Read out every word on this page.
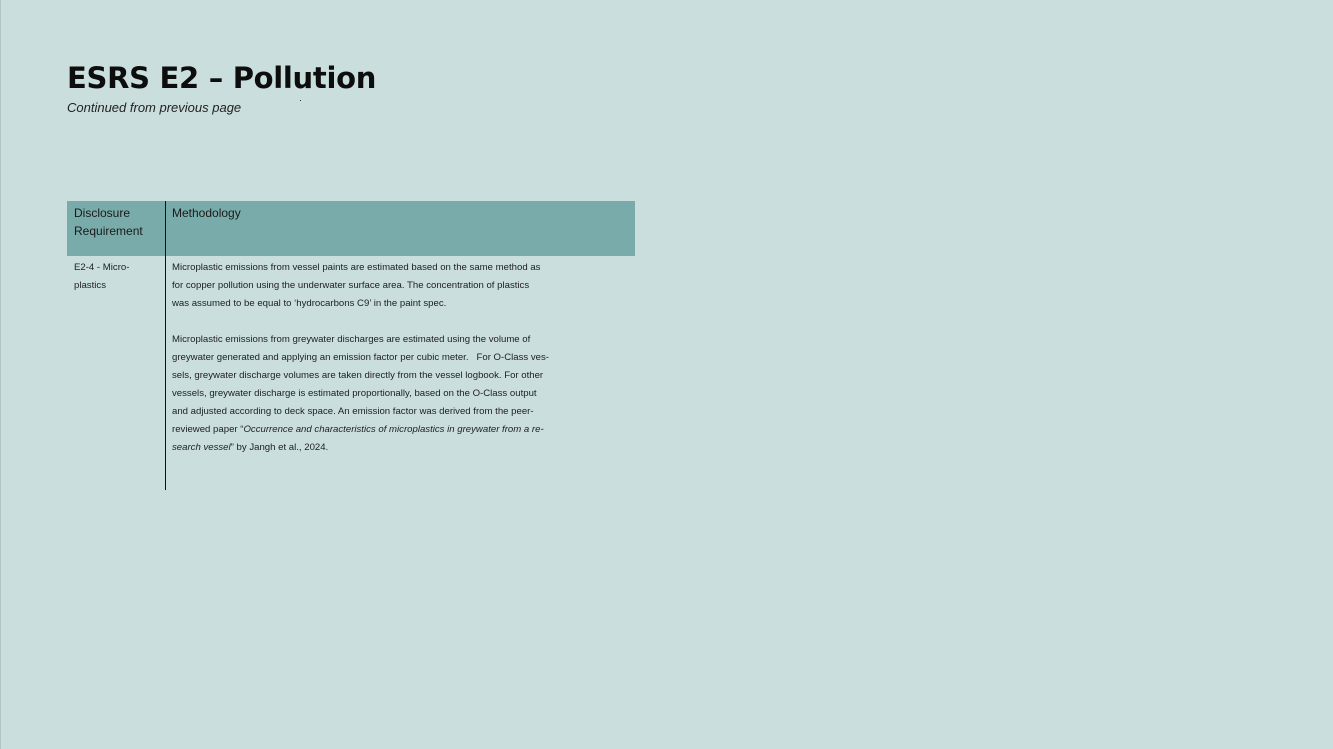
ESRS E2 – Pollution

Continued from previous page

Disclosure
Requirement
Methodology
E2-4 - Micro-
plastics

Microplastic emissions from vessel paints are estimated based on the same method as
for copper pollution using the underwater surface area. The concentration of plastics
was assumed to be equal to ‘hydrocarbons C9’ in the paint spec.

Microplastic emissions from greywater discharges are estimated using the volume of
greywater generated and applying an emission factor per cubic meter.   For O-Class ves-
sels, greywater discharge volumes are taken directly from the vessel logbook. For other
vessels, greywater discharge is estimated proportionally, based on the O-Class output
and adjusted according to deck space. An emission factor was derived from the peer-
reviewed paper “Occurrence and characteristics of microplastics in greywater from a re-
search vessel” by Jangh et al., 2024.
